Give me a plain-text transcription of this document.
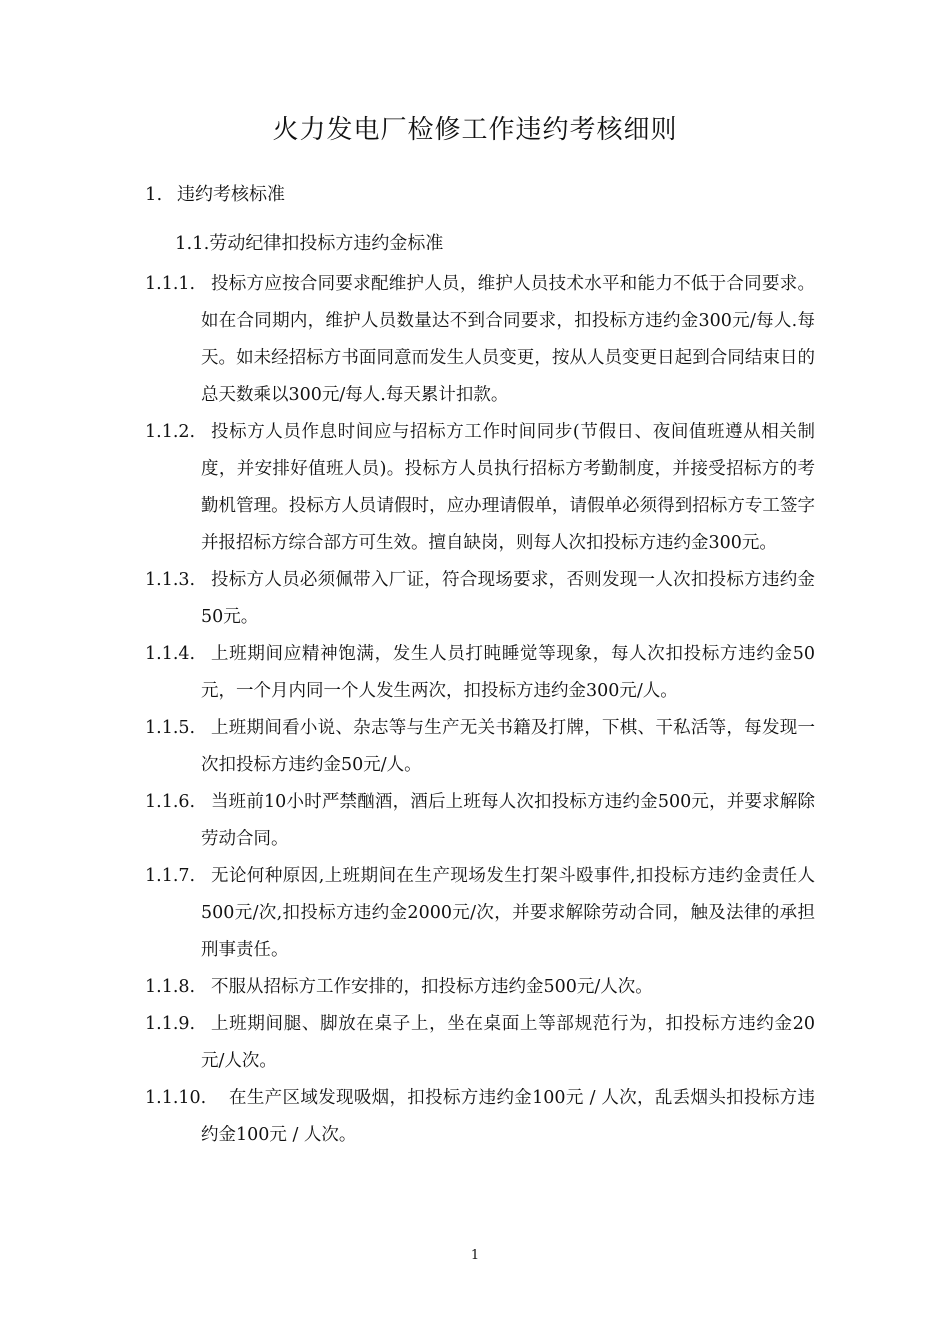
火力发电厂检修工作违约考核细则
1. 违约考核标准
1.1.劳动纪律扣投标方违约金标准
1.1.1. 投标方应按合同要求配维护人员，维护人员技术水平和能力不低于合同要求。如在合同期内，维护人员数量达不到合同要求，扣投标方违约金300元/每人.每天。如未经招标方书面同意而发生人员变更，按从人员变更日起到合同结束日的总天数乘以300元/每人.每天累计扣款。
1.1.2. 投标方人员作息时间应与招标方工作时间同步(节假日、夜间值班遵从相关制度，并安排好值班人员)。投标方人员执行招标方考勤制度，并接受招标方的考勤机管理。投标方人员请假时，应办理请假单，请假单必须得到招标方专工签字并报招标方综合部方可生效。擅自缺岗，则每人次扣投标方违约金300元。
1.1.3. 投标方人员必须佩带入厂证，符合现场要求，否则发现一人次扣投标方违约金50元。
1.1.4. 上班期间应精神饱满，发生人员打盹睡觉等现象，每人次扣投标方违约金50元，一个月内同一个人发生两次，扣投标方违约金300元/人。
1.1.5. 上班期间看小说、杂志等与生产无关书籍及打牌，下棋、干私活等，每发现一次扣投标方违约金50元/人。
1.1.6. 当班前10小时严禁酗酒，酒后上班每人次扣投标方违约金500元，并要求解除劳动合同。
1.1.7. 无论何种原因,上班期间在生产现场发生打架斗殴事件,扣投标方违约金责任人500元/次,扣投标方违约金2000元/次，并要求解除劳动合同，触及法律的承担刑事责任。
1.1.8. 不服从招标方工作安排的，扣投标方违约金500元/人次。
1.1.9. 上班期间腿、脚放在桌子上，坐在桌面上等部规范行为，扣投标方违约金20元/人次。
1.1.10.	在生产区域发现吸烟，扣投标方违约金100元 / 人次，乱丢烟头扣投标方违约金100元 / 人次。
1
